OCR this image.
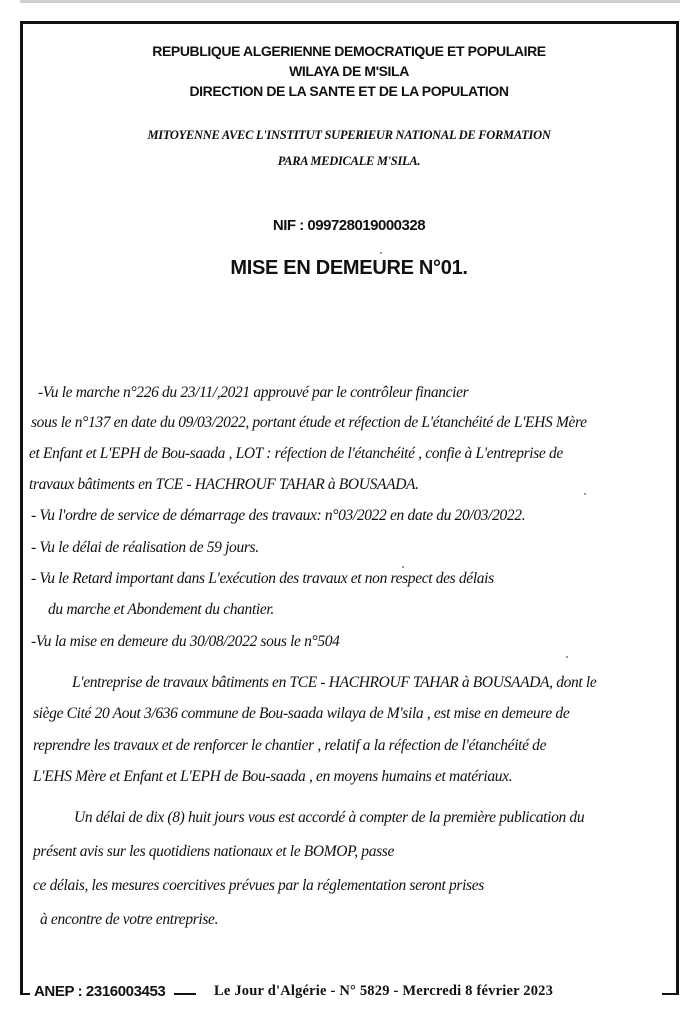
REPUBLIQUE ALGERIENNE DEMOCRATIQUE ET POPULAIRE
WILAYA DE M'SILA
DIRECTION DE LA SANTE ET DE LA POPULATION
MITOYENNE AVEC L'INSTITUT SUPERIEUR NATIONAL DE FORMATION
PARA MEDICALE M'SILA.
NIF : 099728019000328
MISE EN DEMEURE N°01.
-Vu le marche n°226 du 23/11/,2021 approuvé par le contrôleur financier
sous le n°137 en date du 09/03/2022, portant étude et réfection de L'étanchéité de L'EHS Mère
et Enfant et L'EPH de Bou-saada , LOT : réfection de l'étanchéité , confie à L'entreprise de
travaux bâtiments en TCE - HACHROUF TAHAR à BOUSAADA.
- Vu l'ordre de service de démarrage des travaux: n°03/2022 en date du 20/03/2022.
- Vu le délai de réalisation de 59 jours.
- Vu le Retard important dans L'exécution des travaux et non respect des délais
du marche et Abondement du chantier.
-Vu la mise en demeure du 30/08/2022 sous le n°504
L'entreprise de travaux bâtiments en TCE - HACHROUF TAHAR à BOUSAADA, dont le
siège Cité 20 Aout 3/636 commune de Bou-saada wilaya de M'sila , est mise en demeure de
reprendre les travaux et de renforcer le chantier , relatif a la réfection de l'étanchéité de
L'EHS Mère et Enfant et L'EPH de Bou-saada , en moyens humains et matériaux.
Un délai de dix (8) huit jours vous est accordé à compter de la première publication du
présent avis sur les quotidiens nationaux et le BOMOP, passe
ce délais, les mesures coercitives prévues par la réglementation seront prises
à encontre de votre entreprise.
ANEP : 2316003453	Le Jour d'Algérie - N° 5829 - Mercredi 8 février 2023
